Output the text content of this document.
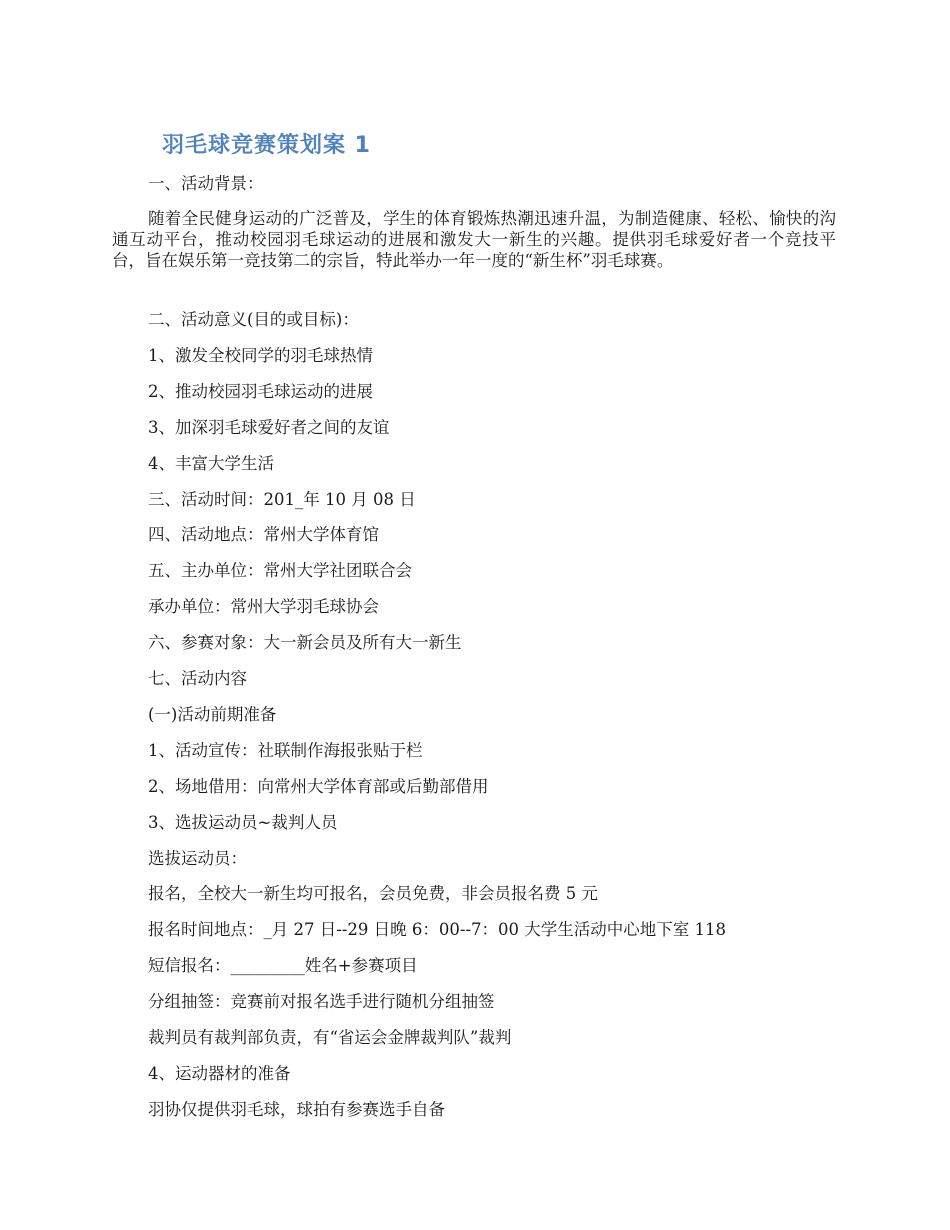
羽毛球竞赛策划案 1
一、活动背景：
随着全民健身运动的广泛普及，学生的体育锻炼热潮迅速升温，为制造健康、轻松、愉快的沟通互动平台，推动校园羽毛球运动的进展和激发大一新生的兴趣。提供羽毛球爱好者一个竞技平台，旨在娱乐第一竞技第二的宗旨，特此举办一年一度的“新生杯”羽毛球赛。
二、活动意义(目的或目标)：
1、激发全校同学的羽毛球热情
2、推动校园羽毛球运动的进展
3、加深羽毛球爱好者之间的友谊
4、丰富大学生活
三、活动时间：201_年 10 月 08 日
四、活动地点：常州大学体育馆
五、主办单位：常州大学社团联合会
承办单位：常州大学羽毛球协会
六、参赛对象：大一新会员及所有大一新生
七、活动内容
(一)活动前期准备
1、活动宣传：社联制作海报张贴于栏
2、场地借用：向常州大学体育部或后勤部借用
3、选拔运动员~裁判人员
选拔运动员：
报名，全校大一新生均可报名，会员免费，非会员报名费 5 元
报名时间地点：_月 27 日--29 日晚 6：00--7：00 大学生活动中心地下室 118
短信报名：_________姓名+参赛项目
分组抽签：竞赛前对报名选手进行随机分组抽签
裁判员有裁判部负责，有“省运会金牌裁判队”裁判
4、运动器材的准备
羽协仅提供羽毛球，球拍有参赛选手自备
